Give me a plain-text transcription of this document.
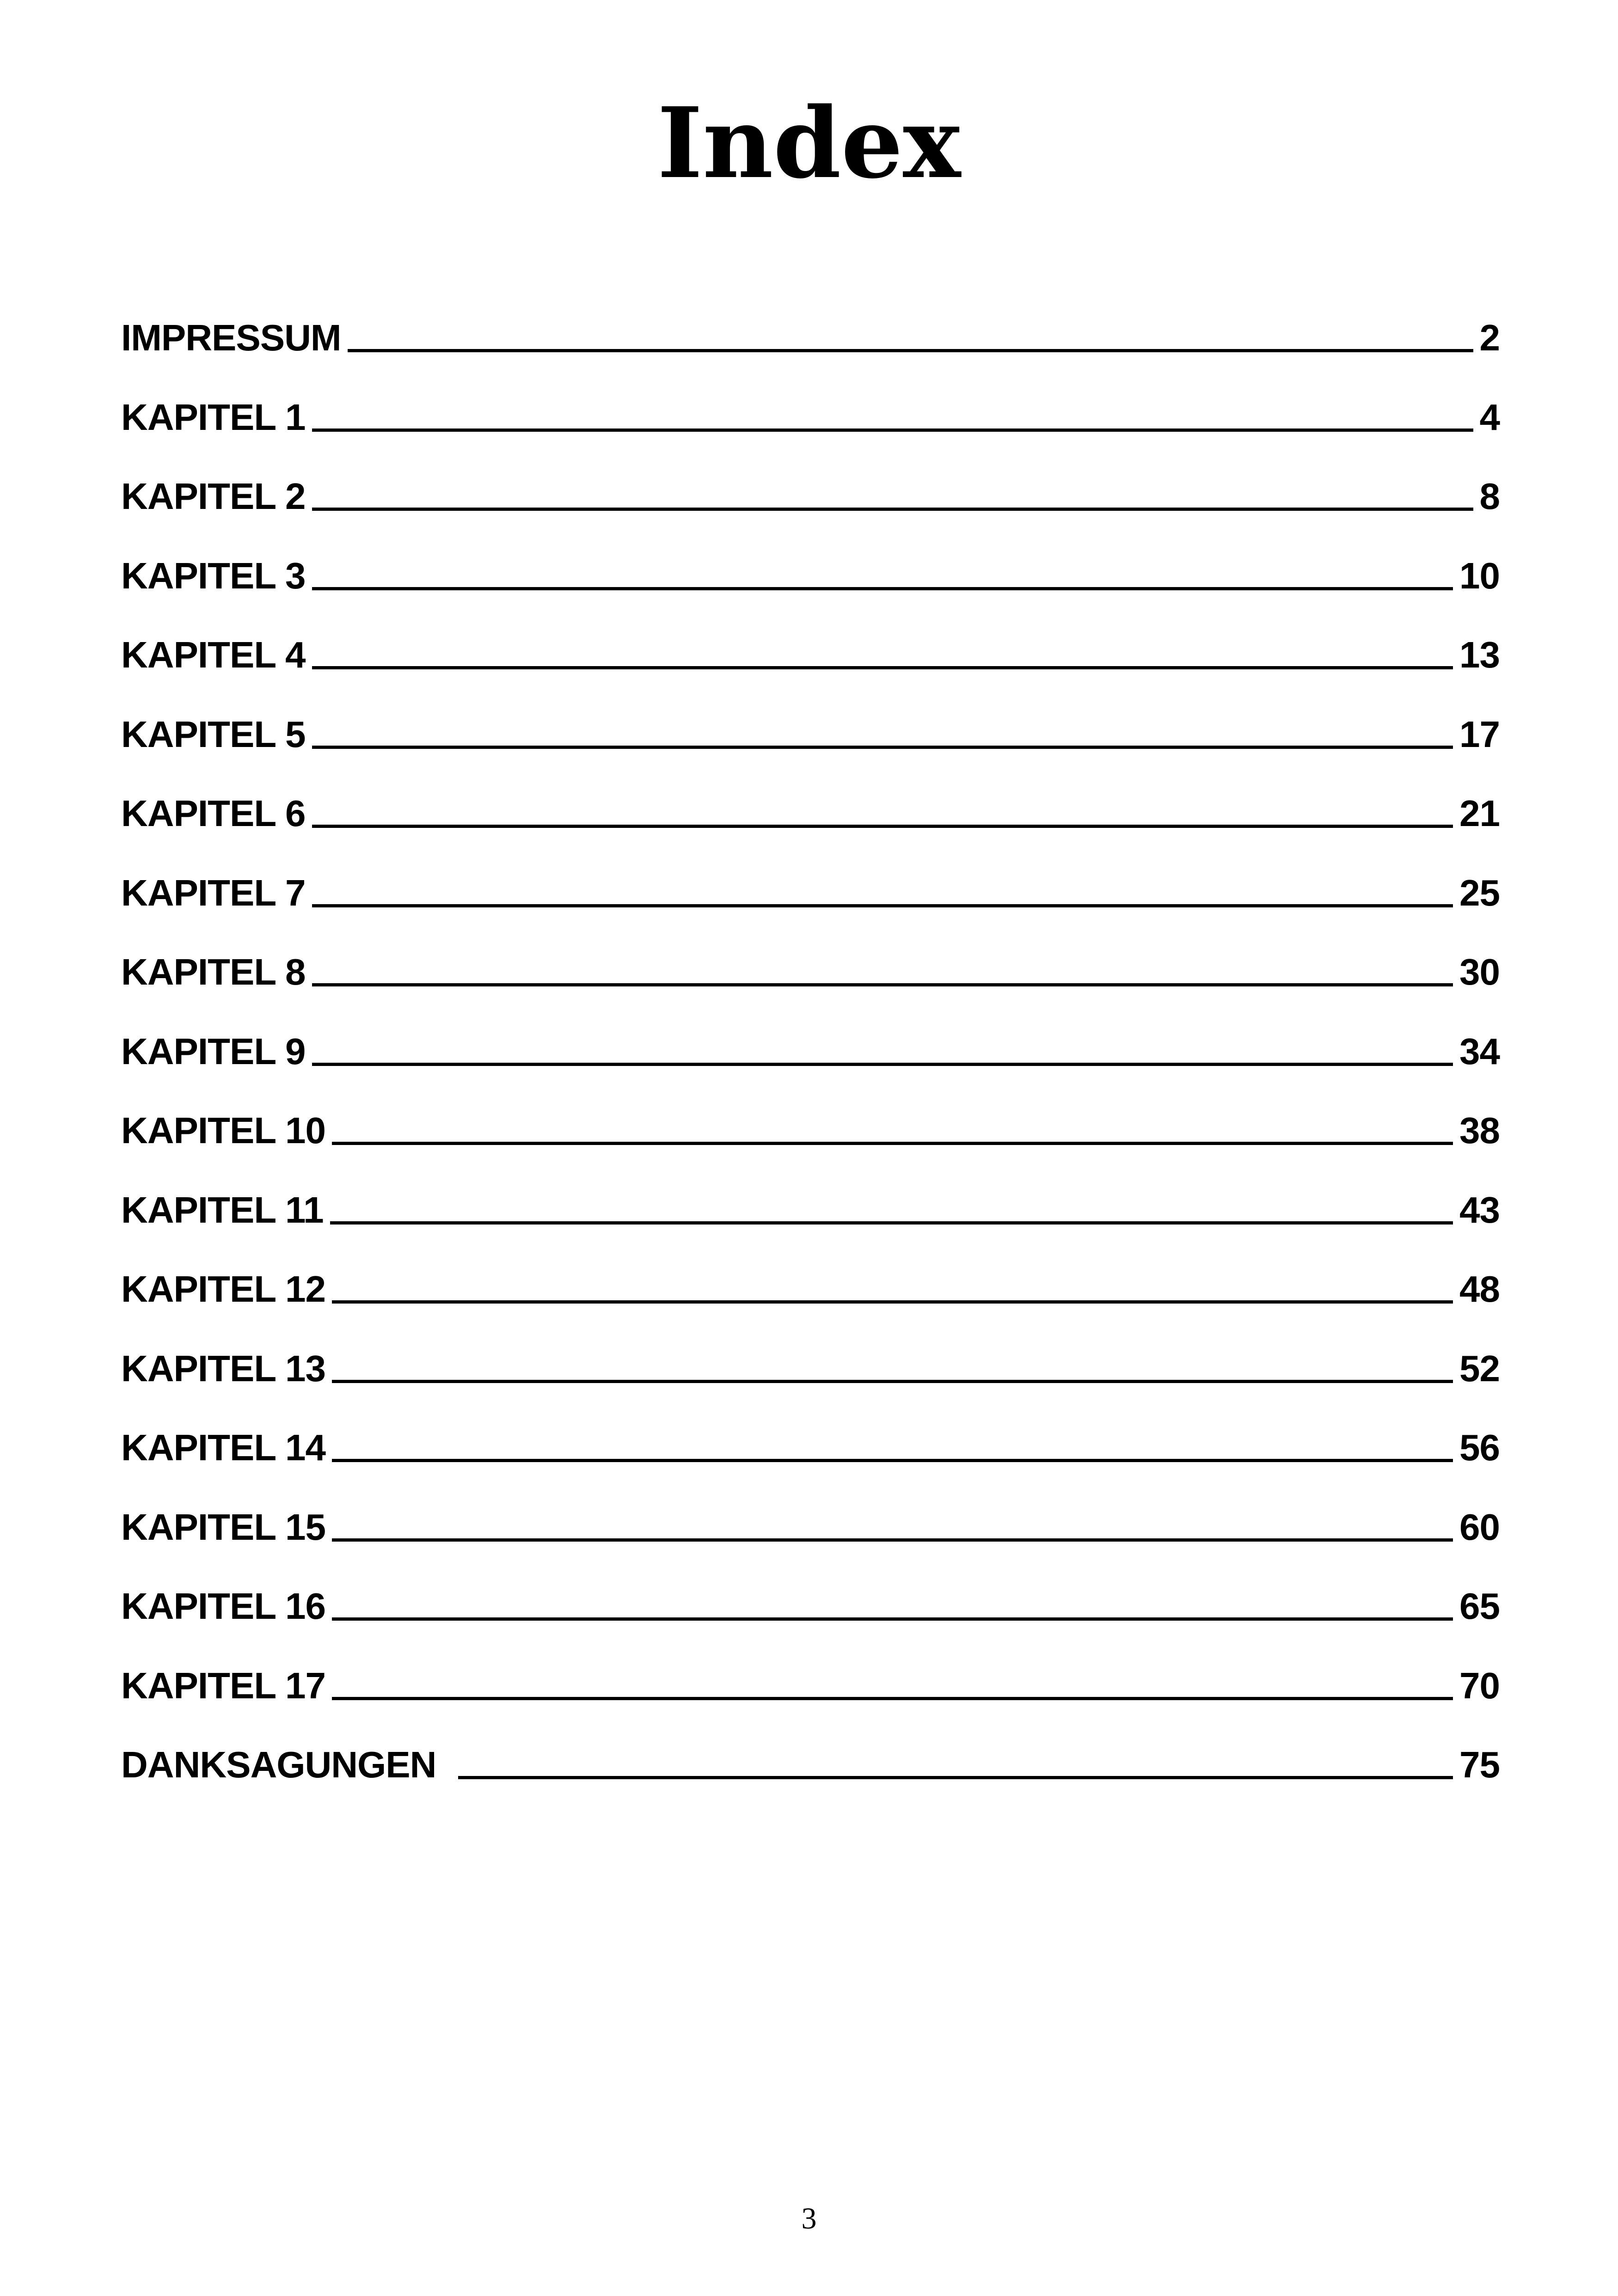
Index
IMPRESSUM	2
KAPITEL 1	4
KAPITEL 2	8
KAPITEL 3	10
KAPITEL 4	13
KAPITEL 5	17
KAPITEL 6	21
KAPITEL 7	25
KAPITEL 8	30
KAPITEL 9	34
KAPITEL 10	38
KAPITEL 11	43
KAPITEL 12	48
KAPITEL 13	52
KAPITEL 14	56
KAPITEL 15	60
KAPITEL 16	65
KAPITEL 17	70
DANKSAGUNGEN	75
3
